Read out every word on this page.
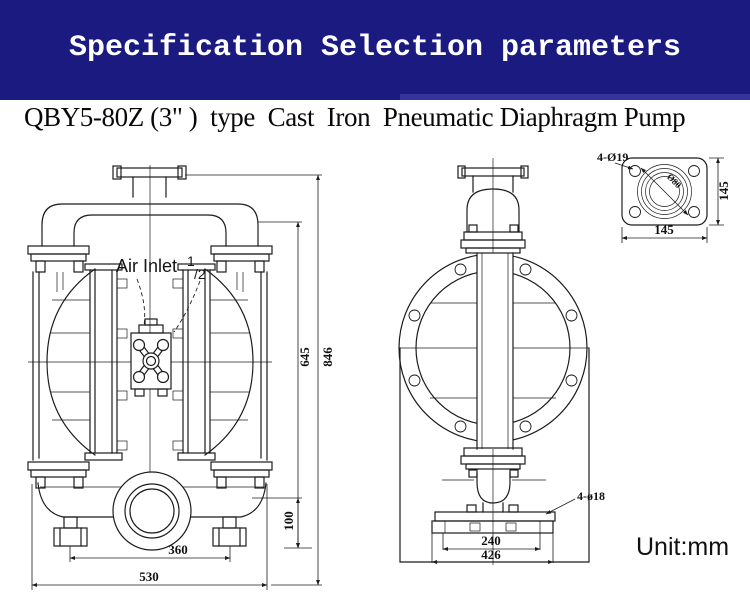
Specification Selection parameters
QBY5-80Z (3" )  type  Cast  Iron  Pneumatic Diaphragm Pump
645 846
100
360
530
Air Inlet 1
/2
4-ø18
240
426
Ø80
4-Ø19
145
145
Unit:mm
